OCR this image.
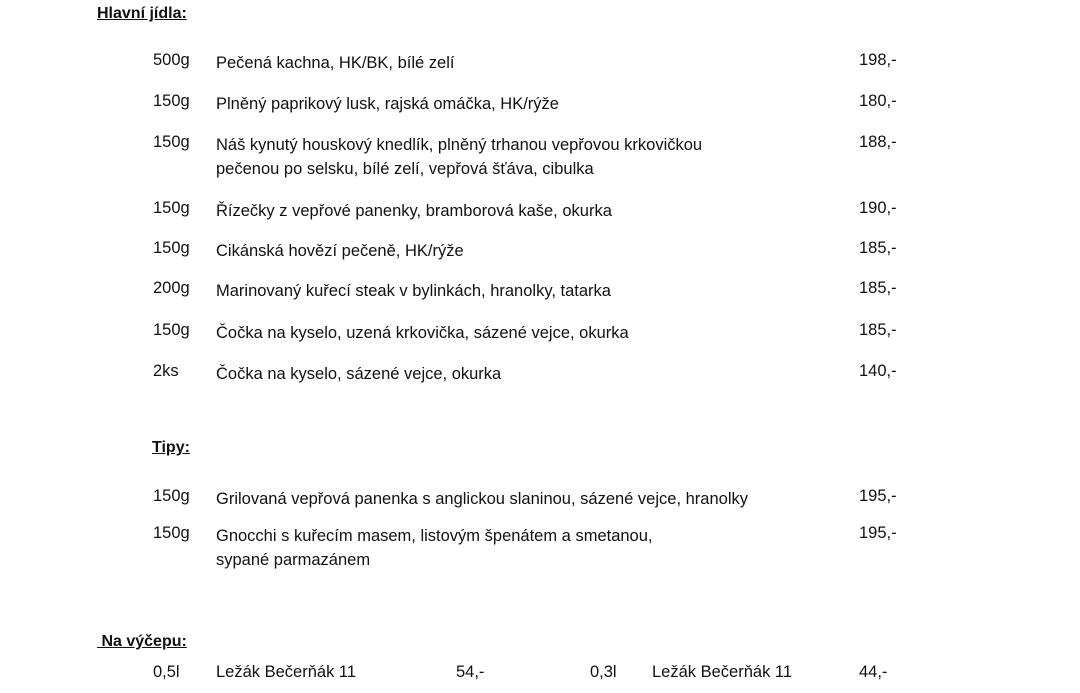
Hlavní jídla:
500g Pečená kachna, HK/BK, bílé zelí	198,-
150g Plněný paprikový lusk, rajská omáčka, HK/rýže	180,-
150g Náš kynutý houskový knedlík, plněný trhanou vepřovou krkovičkou
pečenou po selsku, bílé zelí, vepřová šťáva, cibulka
188,-
150g Řízečky z vepřové panenky, bramborová kaše, okurka	190,-
150g Cikánská hovězí pečeně, HK/rýže	185,-
200g Marinovaný kuřecí steak v bylinkách, hranolky, tatarka	185,-
150g Čočka na kyselo, uzená krkovička, sázené vejce, okurka	185,-
2ks Čočka na kyselo, sázené vejce, okurka	140,-
Tipy:
150g Grilovaná vepřová panenka s anglickou slaninou, sázené vejce, hranolky	195,-
150g Gnocchi s kuřecím masem, listovým špenátem a smetanou,
sypané parmazánem
195,-
Na výčepu:
0,5l Ležák Bečerňák 11	54,-	0,3l Ležák Bečerňák 11	44,-
